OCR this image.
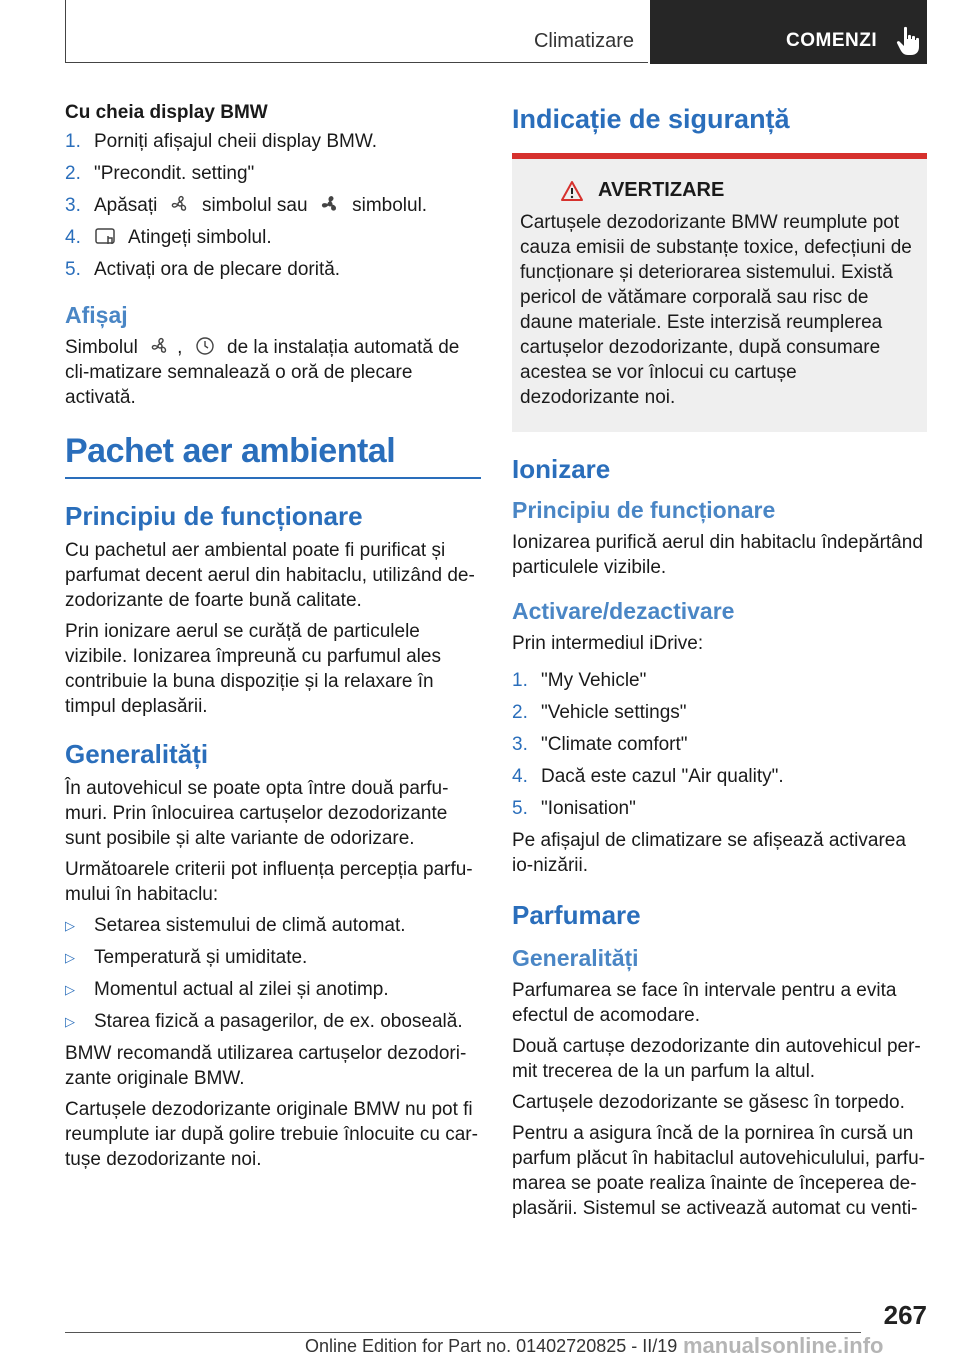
Climatizare	COMENZI
Cu cheia display BMW
1. Porniți afișajul cheii display BMW.
2. "Precondit. setting"
3. Apăsați simbolul sau simbolul.
4.	Atingeți simbolul.
5. Activați ora de plecare dorită.
Afișaj

Simbolul , de la instalația automată de cli-matizare semnalează o oră de plecare activată.

Pachet aer ambiental
Principiu de funcționare

Cu pachetul aer ambiental poate fi purificat și parfumat decent aerul din habitaclu, utilizând de-zodorizante de foarte bună calitate.

Prin ionizare aerul se curăță de particulele vizibile. Ionizarea împreună cu parfumul ales contribuie la buna dispoziție și la relaxare în timpul deplasării.

Generalități

În autovehicul se poate opta între două parfu-muri. Prin înlocuirea cartușelor dezodorizante sunt posibile și alte variante de odorizare.

Următoarele criterii pot influența percepția parfu-mului în habitaclu:

▷	Setarea sistemului de climă automat.
▷	Temperatură și umiditate.
▷	Momentul actual al zilei și anotimp.
▷	Starea fizică a pasagerilor, de ex. oboseală.

BMW recomandă utilizarea cartușelor dezodori-zante originale BMW.

Cartușele dezodorizante originale BMW nu pot fi reumplute iar după golire trebuie înlocuite cu car-tușe dezodorizante noi.

Indicație de siguranță
AVERTIZARE

Cartușele dezodorizante BMW reumplute pot cauza emisii de substanțe toxice, defecțiuni de funcționare și deteriorarea sistemului. Există pericol de vătămare corporală sau risc de daune materiale. Este interzisă reumplerea cartușelor dezodorizante, după consumare acestea se vor înlocui cu cartușe dezodorizante noi.

Ionizare
Principiu de funcționare

Ionizarea purifică aerul din habitaclu îndepărtând particulele vizibile.

Activare/dezactivare

Prin intermediul iDrive:

1. "My Vehicle"
2. "Vehicle settings"
3. "Climate comfort"
4. Dacă este cazul "Air quality".
5. "Ionisation"

Pe afișajul de climatizare se afișează activarea io-nizării.

Parfumare
Generalități

Parfumarea se face în intervale pentru a evita efectul de acomodare.

Două cartușe dezodorizante din autovehicul per-mit trecerea de la un parfum la altul.

Cartușele dezodorizante se găsesc în torpedo.

Pentru a asigura încă de la pornirea în cursă un parfum plăcut în habitaclul autovehiculului, parfu-marea se poate realiza înainte de începerea de-plasării. Sistemul se activează automat cu venti-

267
Online Edition for Part no. 01402720825 - II/19 manualsonline.info
